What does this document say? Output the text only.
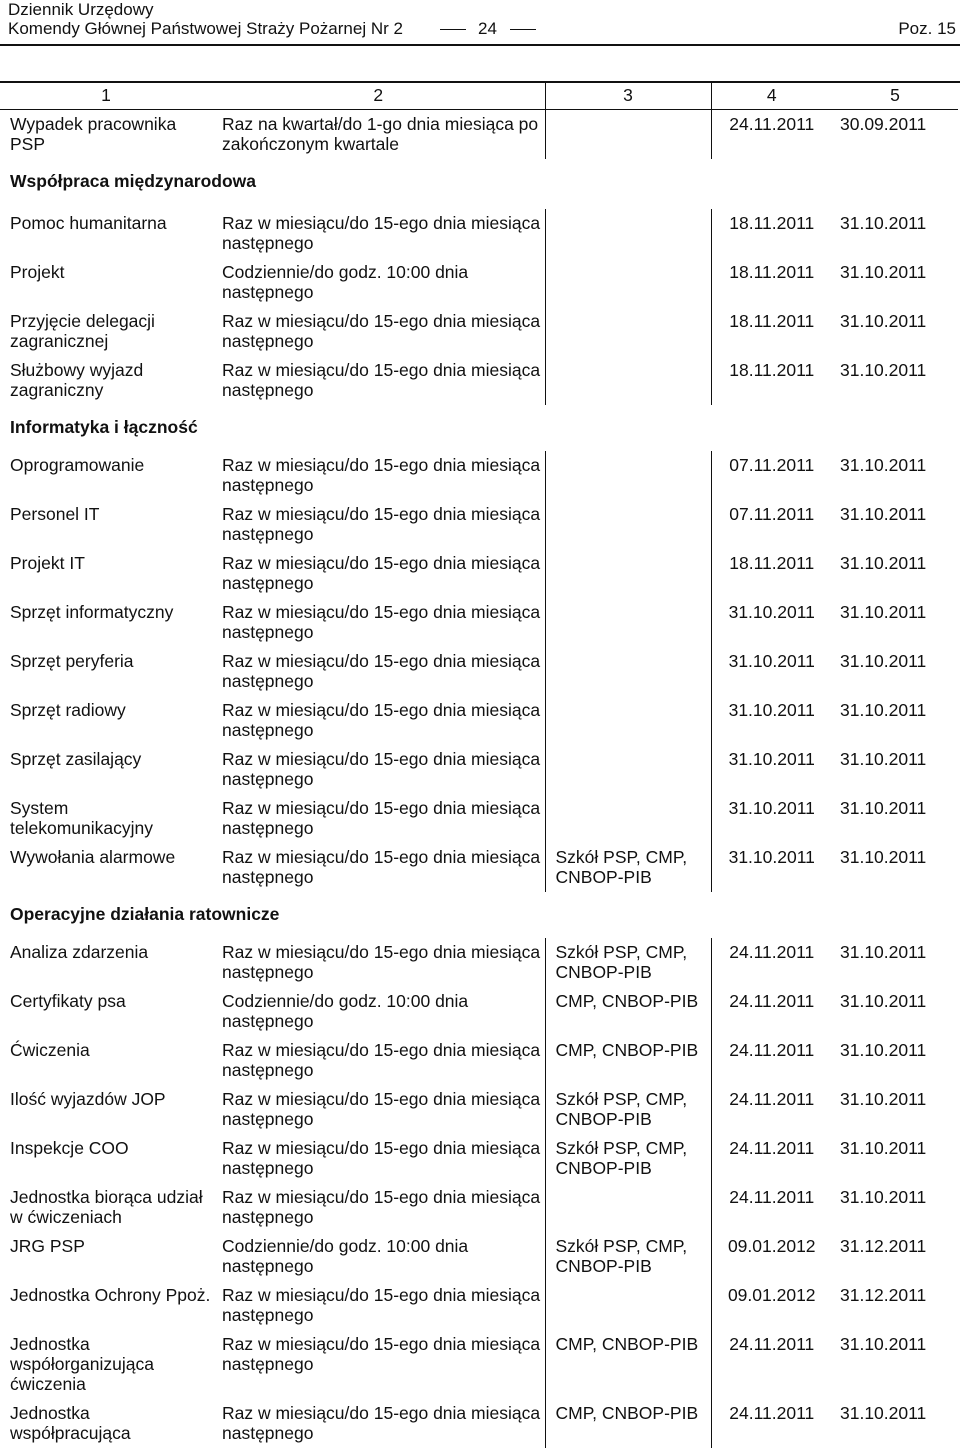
Dziennik Urzędowy
Komendy Głównej Państwowej Straży Pożarnej Nr 2	24	Poz. 15
1	2	3	4	5
Wypadek pracownika PSP	Raz na kwartał/do 1-go dnia miesiąca po zakończonym kwartale		24.11.2011	30.09.2011
Współpraca międzynarodowa				
Pomoc humanitarna	Raz w miesiącu/do 15-ego dnia miesiąca następnego		18.11.2011	31.10.2011
Projekt	Codziennie/do godz. 10:00 dnia następnego		18.11.2011	31.10.2011
Przyjęcie delegacji zagranicznej	Raz w miesiącu/do 15-ego dnia miesiąca następnego		18.11.2011	31.10.2011
Służbowy wyjazd zagraniczny	Raz w miesiącu/do 15-ego dnia miesiąca następnego		18.11.2011	31.10.2011
Informatyka i łączność				
Oprogramowanie	Raz w miesiącu/do 15-ego dnia miesiąca następnego		07.11.2011	31.10.2011
Personel IT	Raz w miesiącu/do 15-ego dnia miesiąca następnego		07.11.2011	31.10.2011
Projekt IT	Raz w miesiącu/do 15-ego dnia miesiąca następnego		18.11.2011	31.10.2011
Sprzęt informatyczny	Raz w miesiącu/do 15-ego dnia miesiąca następnego		31.10.2011	31.10.2011
Sprzęt peryferia	Raz w miesiącu/do 15-ego dnia miesiąca następnego		31.10.2011	31.10.2011
Sprzęt radiowy	Raz w miesiącu/do 15-ego dnia miesiąca następnego		31.10.2011	31.10.2011
Sprzęt zasilający	Raz w miesiącu/do 15-ego dnia miesiąca następnego		31.10.2011	31.10.2011
System telekomunikacyjny	Raz w miesiącu/do 15-ego dnia miesiąca następnego		31.10.2011	31.10.2011
Wywołania alarmowe	Raz w miesiącu/do 15-ego dnia miesiąca następnego	Szkół PSP, CMP, CNBOP-PIB	31.10.2011	31.10.2011
Operacyjne działania ratownicze				
Analiza zdarzenia	Raz w miesiącu/do 15-ego dnia miesiąca następnego	Szkół PSP, CMP, CNBOP-PIB	24.11.2011	31.10.2011
Certyfikaty psa	Codziennie/do godz. 10:00 dnia następnego	CMP, CNBOP-PIB	24.11.2011	31.10.2011
Ćwiczenia	Raz w miesiącu/do 15-ego dnia miesiąca następnego	CMP, CNBOP-PIB	24.11.2011	31.10.2011
Ilość wyjazdów JOP	Raz w miesiącu/do 15-ego dnia miesiąca następnego	Szkół PSP, CMP, CNBOP-PIB	24.11.2011	31.10.2011
Inspekcje COO	Raz w miesiącu/do 15-ego dnia miesiąca następnego	Szkół PSP, CMP, CNBOP-PIB	24.11.2011	31.10.2011
Jednostka biorąca udział w ćwiczeniach	Raz w miesiącu/do 15-ego dnia miesiąca następnego		24.11.2011	31.10.2011
JRG PSP	Codziennie/do godz. 10:00 dnia następnego	Szkół PSP, CMP, CNBOP-PIB	09.01.2012	31.12.2011
Jednostka Ochrony Ppoż.	Raz w miesiącu/do 15-ego dnia miesiąca następnego		09.01.2012	31.12.2011
Jednostka współorganizująca ćwiczenia	Raz w miesiącu/do 15-ego dnia miesiąca następnego	CMP, CNBOP-PIB	24.11.2011	31.10.2011
Jednostka współpracująca	Raz w miesiącu/do 15-ego dnia miesiąca następnego	CMP, CNBOP-PIB	24.11.2011	31.10.2011
